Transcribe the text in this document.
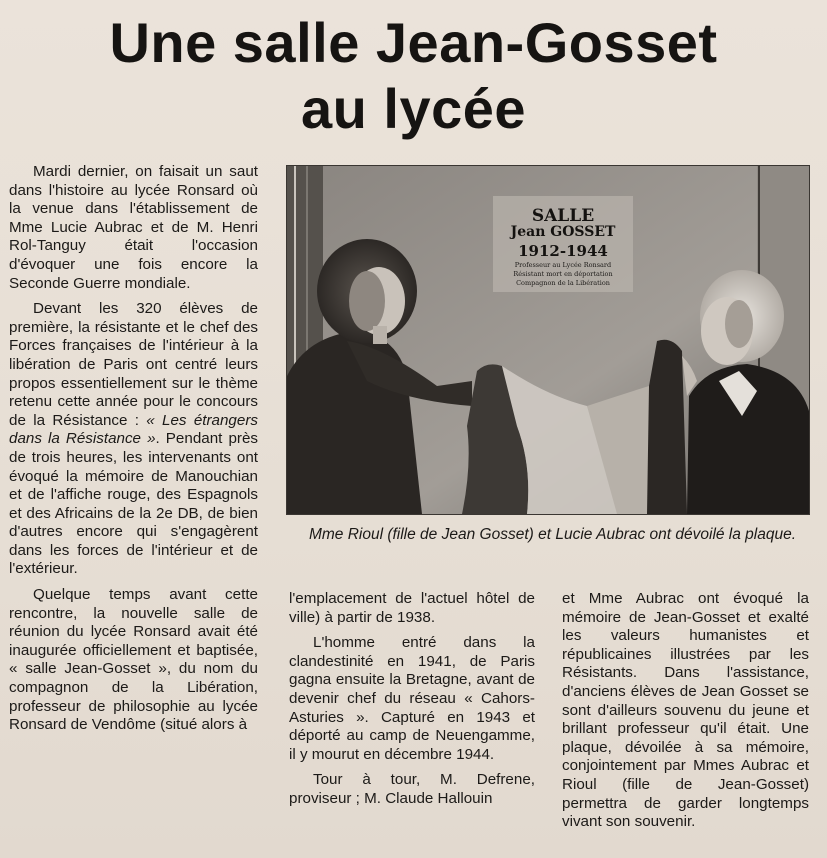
Une salle Jean-Gosset
au lycée

Mardi dernier, on faisait un saut dans l'histoire au lycée Ronsard où la venue dans l'établissement de Mme Lucie Aubrac et de M. Henri Rol-Tanguy était l'occasion d'évoquer une fois encore la Seconde Guerre mondiale.

Devant les 320 élèves de première, la résistante et le chef des Forces françaises de l'intérieur à la libération de Paris ont centré leurs propos essentiellement sur le thème retenu cette année pour le concours de la Résistance : « Les étrangers dans la Résistance ». Pendant près de trois heures, les intervenants ont évoqué la mémoire de Manouchian et de l'affiche rouge, des Espagnols et des Africains de la 2e DB, de bien d'autres encore qui s'engagèrent dans les forces de l'intérieur et de l'extérieur.

Quelque temps avant cette rencontre, la nouvelle salle de réunion du lycée Ronsard avait été inaugurée officiellement et baptisée, « salle Jean-Gosset », du nom du compagnon de la Libération, professeur de philosophie au lycée Ronsard de Vendôme (situé alors à

SALLE
Jean GOSSET
1912-1944
Professeur au Lycée Ronsard
Résistant mort en déportation
Compagnon de la Libération
Mme Rioul (fille de Jean Gosset) et Lucie Aubrac ont dévoilé la plaque.

l'emplacement de l'actuel hôtel de ville) à partir de 1938.

L'homme entré dans la clandestinité en 1941, de Paris gagna ensuite la Bretagne, avant de devenir chef du réseau « Cahors-Asturies ». Capturé en 1943 et déporté au camp de Neuengamme, il y mourut en décembre 1944.

Tour à tour, M. Defrene, proviseur ; M. Claude Hallouin

et Mme Aubrac ont évoqué la mémoire de Jean-Gosset et exalté les valeurs humanistes et républicaines illustrées par les Résistants. Dans l'assistance, d'anciens élèves de Jean Gosset se sont d'ailleurs souvenu du jeune et brillant professeur qu'il était. Une plaque, dévoilée à sa mémoire, conjointement par Mmes Aubrac et Rioul (fille de Jean-Gosset) permettra de garder longtemps vivant son souvenir.
